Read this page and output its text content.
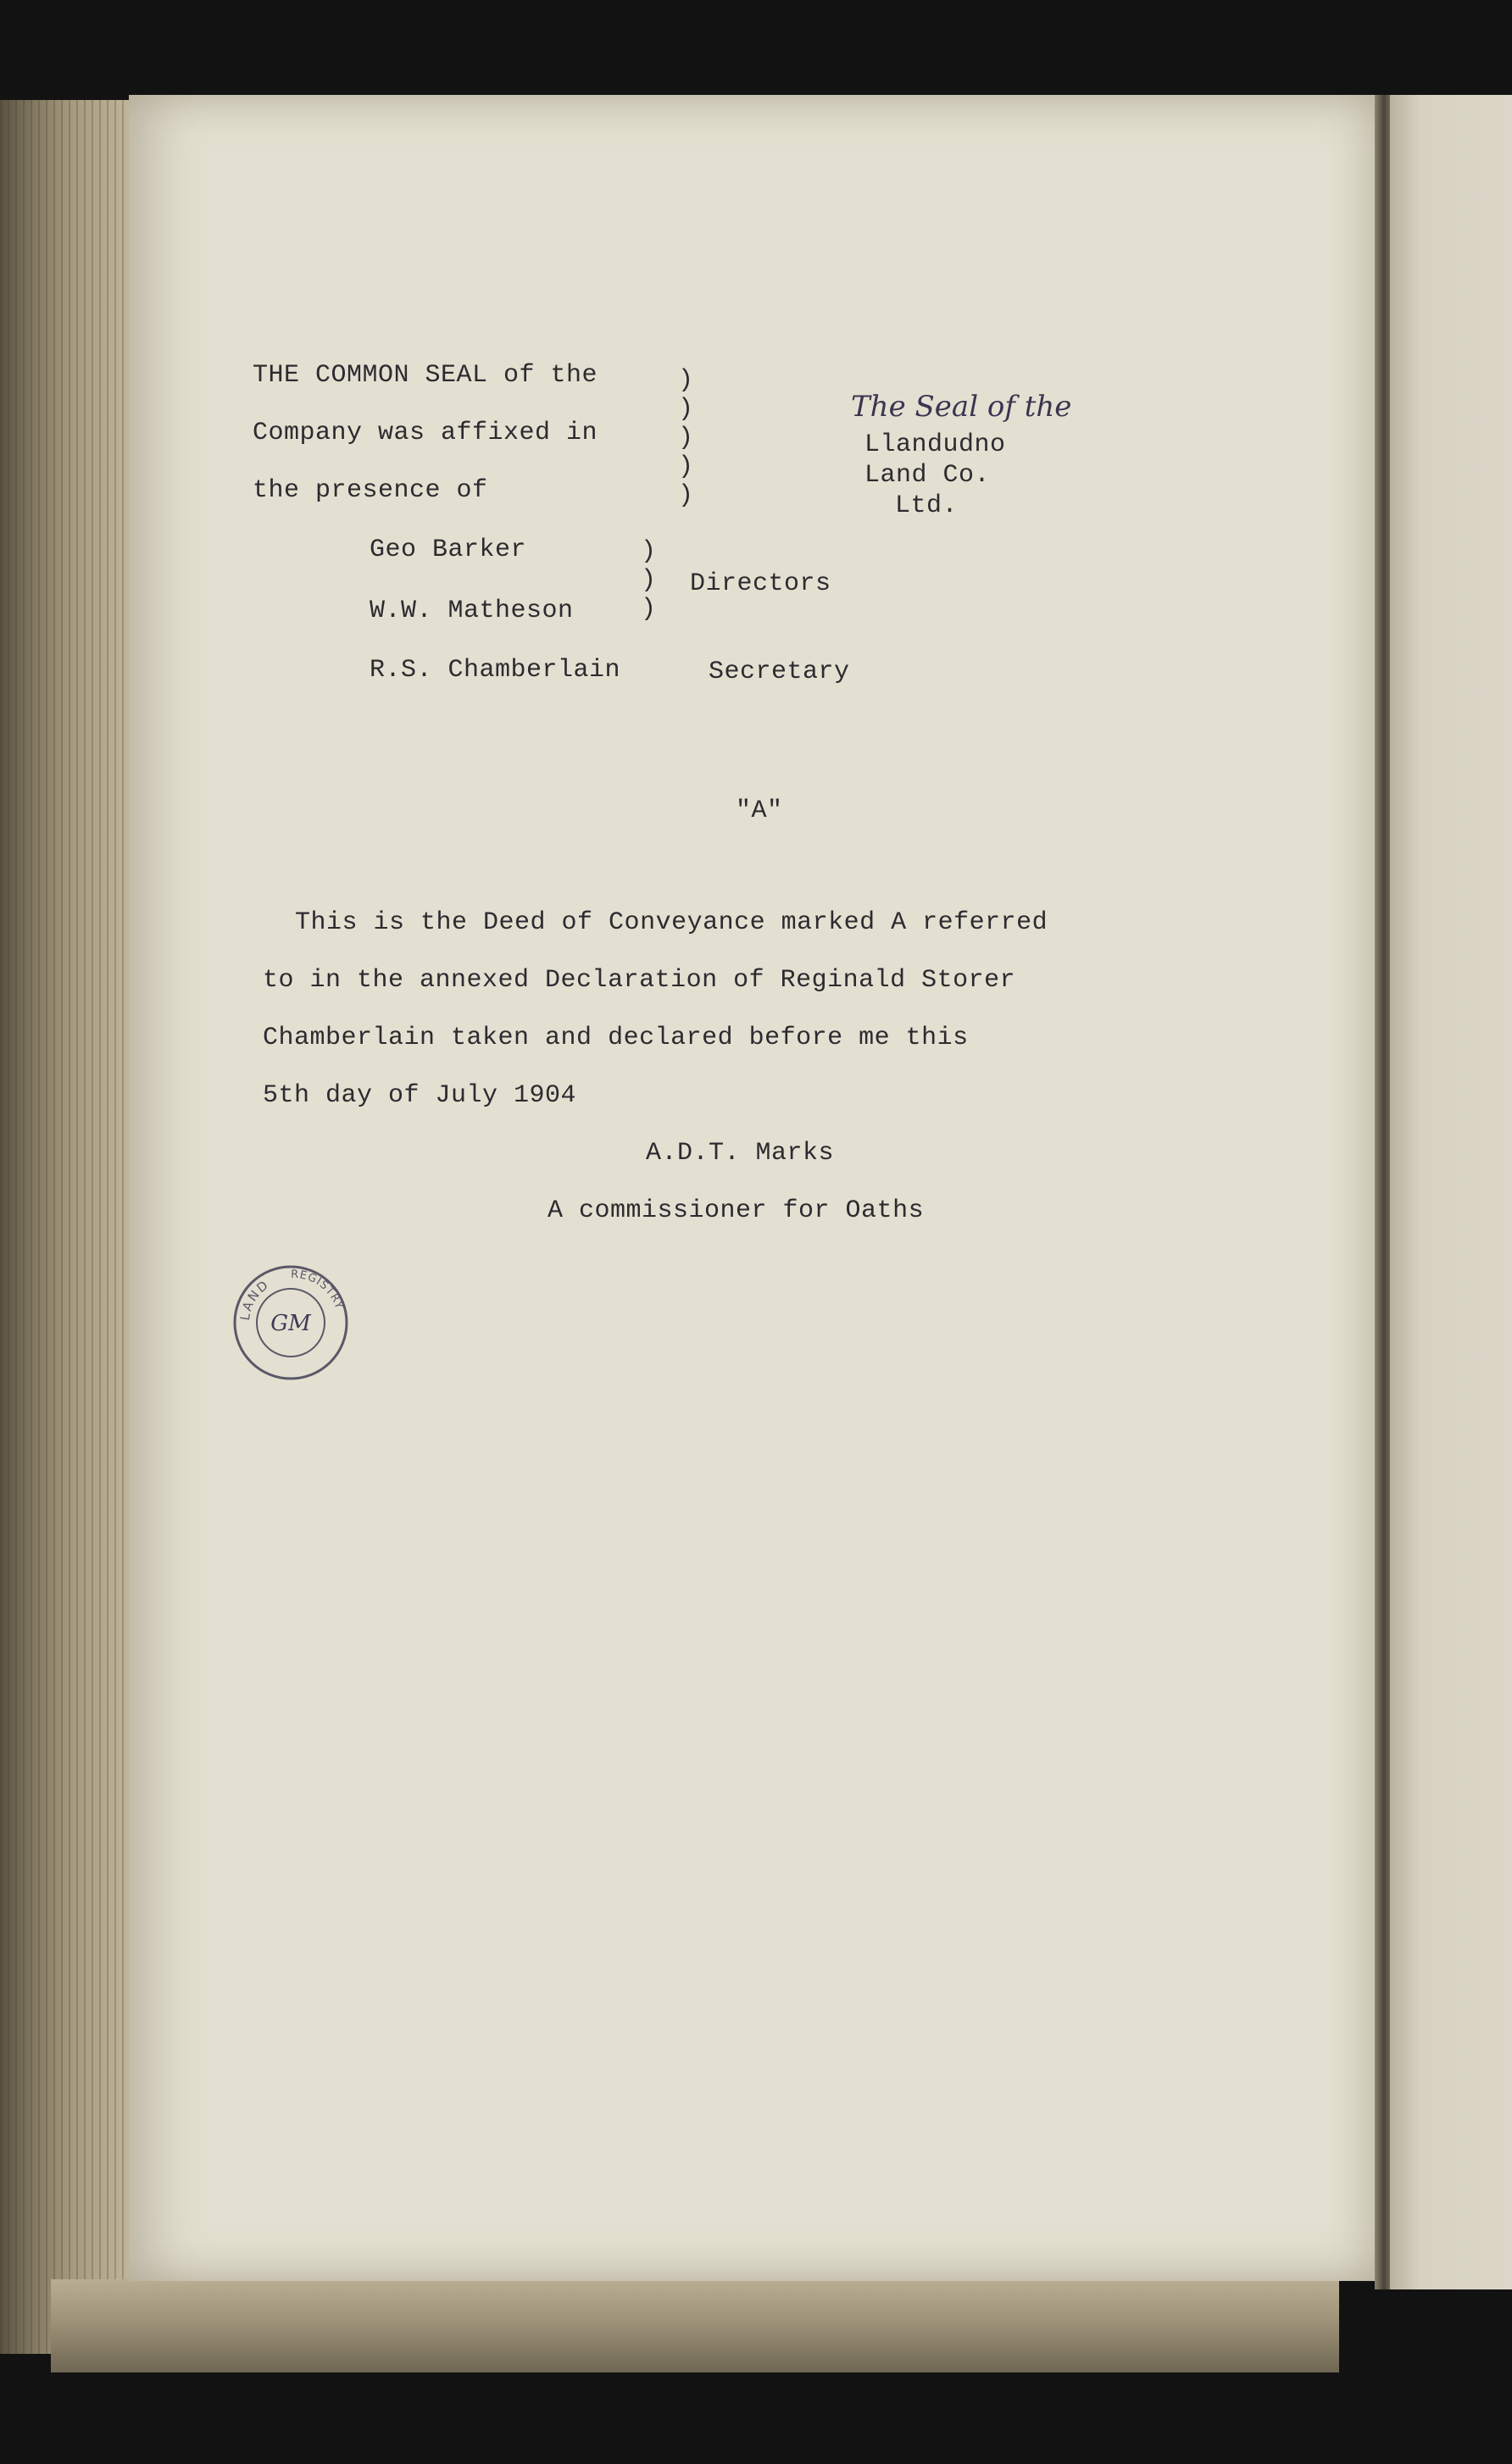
THE COMMON SEAL of the
Company was affixed in
the presence of
)
)
)
)
)
The Seal of the
Llandudno
Land Co.
Ltd.
Geo Barker
W.W. Matheson
)
)
)
Directors
R.S. Chamberlain	Secretary
"A"
This is the Deed of Conveyance marked A referred
to in the annexed Declaration of Reginald Storer
Chamberlain taken and declared before me this
5th day of July 1904
A.D.T. Marks
A commissioner for Oaths
LAND
REGISTRY
GM
